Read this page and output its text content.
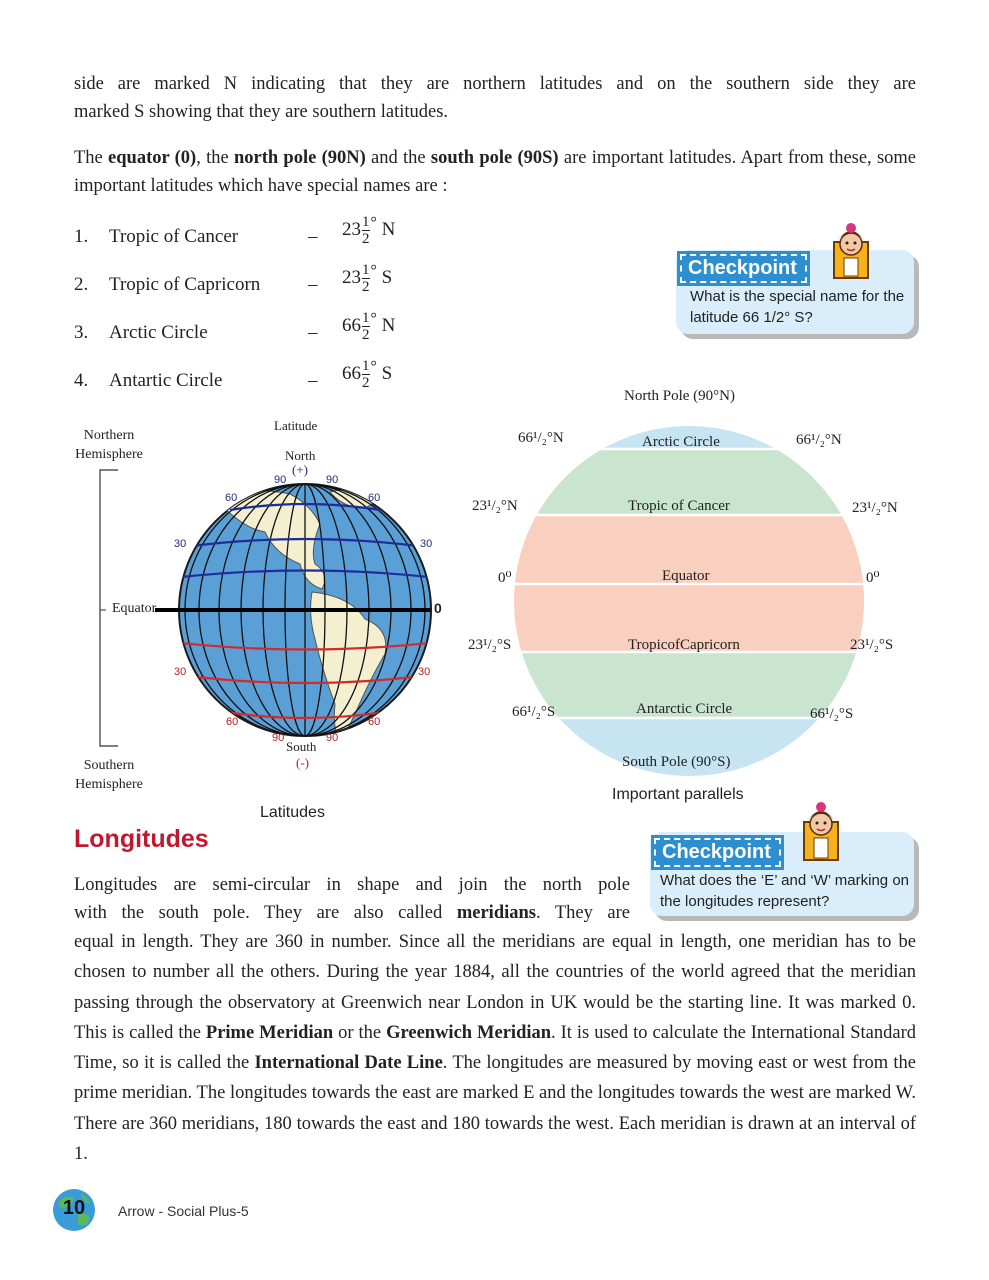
side are marked N indicating that they are northern latitudes and on the southern side they are
marked S showing that they are southern latitudes.

The equator (0), the north pole (90N) and the south pole (90S) are important latitudes. Apart from these, some important latitudes which have special names are :

1. Tropic of Cancer	– $23 \frac{1}{2} ^\circ$ N
2. Tropic of Capricorn	– $23 \frac{1}{2} ^\circ$ S
3. Arctic Circle	– $66 \frac{1}{2} ^\circ$ N
4. Antartic Circle	– $66 \frac{1}{2} ^\circ$ S
Checkpoint
What is the special name for the latitude 66 1/2° S?
Latitude
Northern Hemisphere	North
(+)
90	90
60	60
30	30
Equator	0
30	30
60	60
90	90
South
(-)
Southern Hemisphere
Latitudes
North Pole (90°N)
Arctic Circle
Tropic of Cancer
Equator
TropicofCapricorn
Antarctic Circle
66¹/₂°N	66¹/₂°N
23¹/₂°N	23¹/₂°N
0⁰	0⁰
23¹/₂°S	23¹/₂°S
66¹/₂°S	66¹/₂°S
South Pole (90°S)
Important parallels
Longitudes	Checkpoint
What does the ‘E’ and ‘W’ marking on the longitudes represent?

Longitudes are semi-circular in shape and join the north pole
with the south pole. They are also called meridians. They are

equal in length. They are 360 in number. Since all the meridians are equal in length, one meridian has to be chosen to number all the others. During the year 1884, all the countries of the world agreed that the meridian passing through the observatory at Greenwich near London in UK would be the starting line. It was marked 0. This is called the Prime Meridian or the Greenwich Meridian. It is used to calculate the International Standard Time, so it is called the International Date Line. The longitudes are measured by moving east or west from the prime meridian. The longitudes towards the east are marked E and the longitudes towards the west are marked W. There are 360 meridians, 180 towards the east and 180 towards the west. Each meridian is drawn at an interval of 1.

10	Arrow - Social Plus-5
